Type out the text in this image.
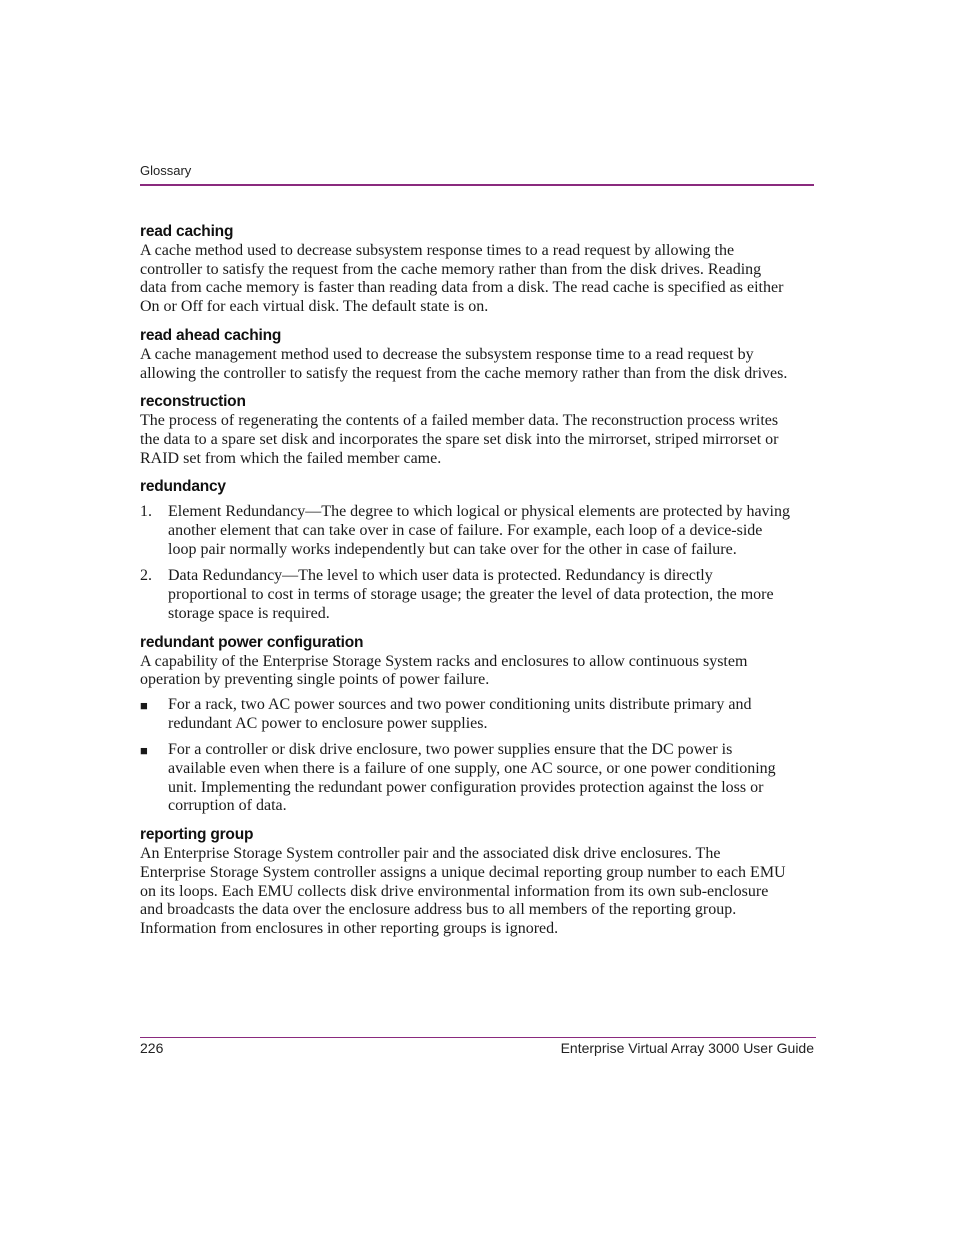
Glossary

read caching

A cache method used to decrease subsystem response times to a read request by allowing the controller to satisfy the request from the cache memory rather than from the disk drives. Reading data from cache memory is faster than reading data from a disk. The read cache is specified as either On or Off for each virtual disk. The default state is on.

read ahead caching

A cache management method used to decrease the subsystem response time to a read request by allowing the controller to satisfy the request from the cache memory rather than from the disk drives.

reconstruction

The process of regenerating the contents of a failed member data. The reconstruction process writes the data to a spare set disk and incorporates the spare set disk into the mirrorset, striped mirrorset or RAID set from which the failed member came.

redundancy

1. Element Redundancy—The degree to which logical or physical elements are protected by having another element that can take over in case of failure. For example, each loop of a device-side loop pair normally works independently but can take over for the other in case of failure.
2. Data Redundancy—The level to which user data is protected. Redundancy is directly proportional to cost in terms of storage usage; the greater the level of data protection, the more storage space is required.

redundant power configuration

A capability of the Enterprise Storage System racks and enclosures to allow continuous system operation by preventing single points of power failure.

■ For a rack, two AC power sources and two power conditioning units distribute primary and redundant AC power to enclosure power supplies.
■ For a controller or disk drive enclosure, two power supplies ensure that the DC power is available even when there is a failure of one supply, one AC source, or one power conditioning unit. Implementing the redundant power configuration provides protection against the loss or corruption of data.

reporting group

An Enterprise Storage System controller pair and the associated disk drive enclosures. The Enterprise Storage System controller assigns a unique decimal reporting group number to each EMU on its loops. Each EMU collects disk drive environmental information from its own sub-enclosure and broadcasts the data over the enclosure address bus to all members of the reporting group. Information from enclosures in other reporting groups is ignored.

226	Enterprise Virtual Array 3000 User Guide
